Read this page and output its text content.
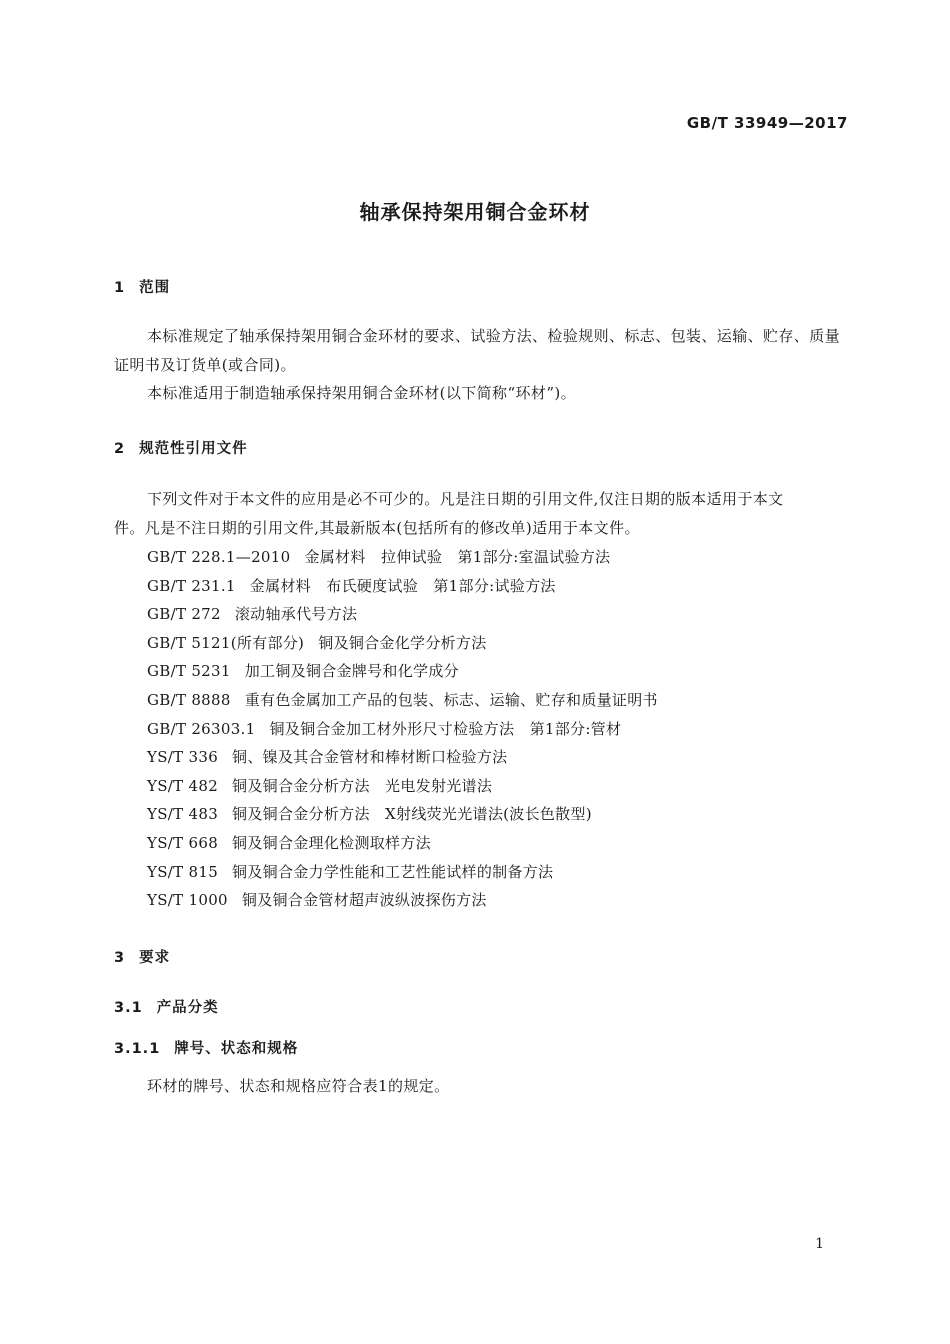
GB/T 33949—2017
轴承保持架用铜合金环材
1 范围
本标准规定了轴承保持架用铜合金环材的要求、试验方法、检验规则、标志、包装、运输、贮存、质量
证明书及订货单(或合同)。
本标准适用于制造轴承保持架用铜合金环材(以下简称“环材”)。
2 规范性引用文件
下列文件对于本文件的应用是必不可少的。凡是注日期的引用文件,仅注日期的版本适用于本文
件。凡是不注日期的引用文件,其最新版本(包括所有的修改单)适用于本文件。
GB/T 228.1—2010 金属材料　拉伸试验　第1部分:室温试验方法
GB/T 231.1 金属材料　布氏硬度试验　第1部分:试验方法
GB/T 272 滚动轴承代号方法
GB/T 5121(所有部分) 铜及铜合金化学分析方法
GB/T 5231 加工铜及铜合金牌号和化学成分
GB/T 8888 重有色金属加工产品的包装、标志、运输、贮存和质量证明书
GB/T 26303.1 铜及铜合金加工材外形尺寸检验方法　第1部分:管材
YS/T 336 铜、镍及其合金管材和棒材断口检验方法
YS/T 482 铜及铜合金分析方法　光电发射光谱法
YS/T 483 铜及铜合金分析方法　X射线荧光光谱法(波长色散型)
YS/T 668 铜及铜合金理化检测取样方法
YS/T 815 铜及铜合金力学性能和工艺性能试样的制备方法
YS/T 1000 铜及铜合金管材超声波纵波探伤方法
3 要求
3.1 产品分类
3.1.1 牌号、状态和规格
环材的牌号、状态和规格应符合表1的规定。
1
